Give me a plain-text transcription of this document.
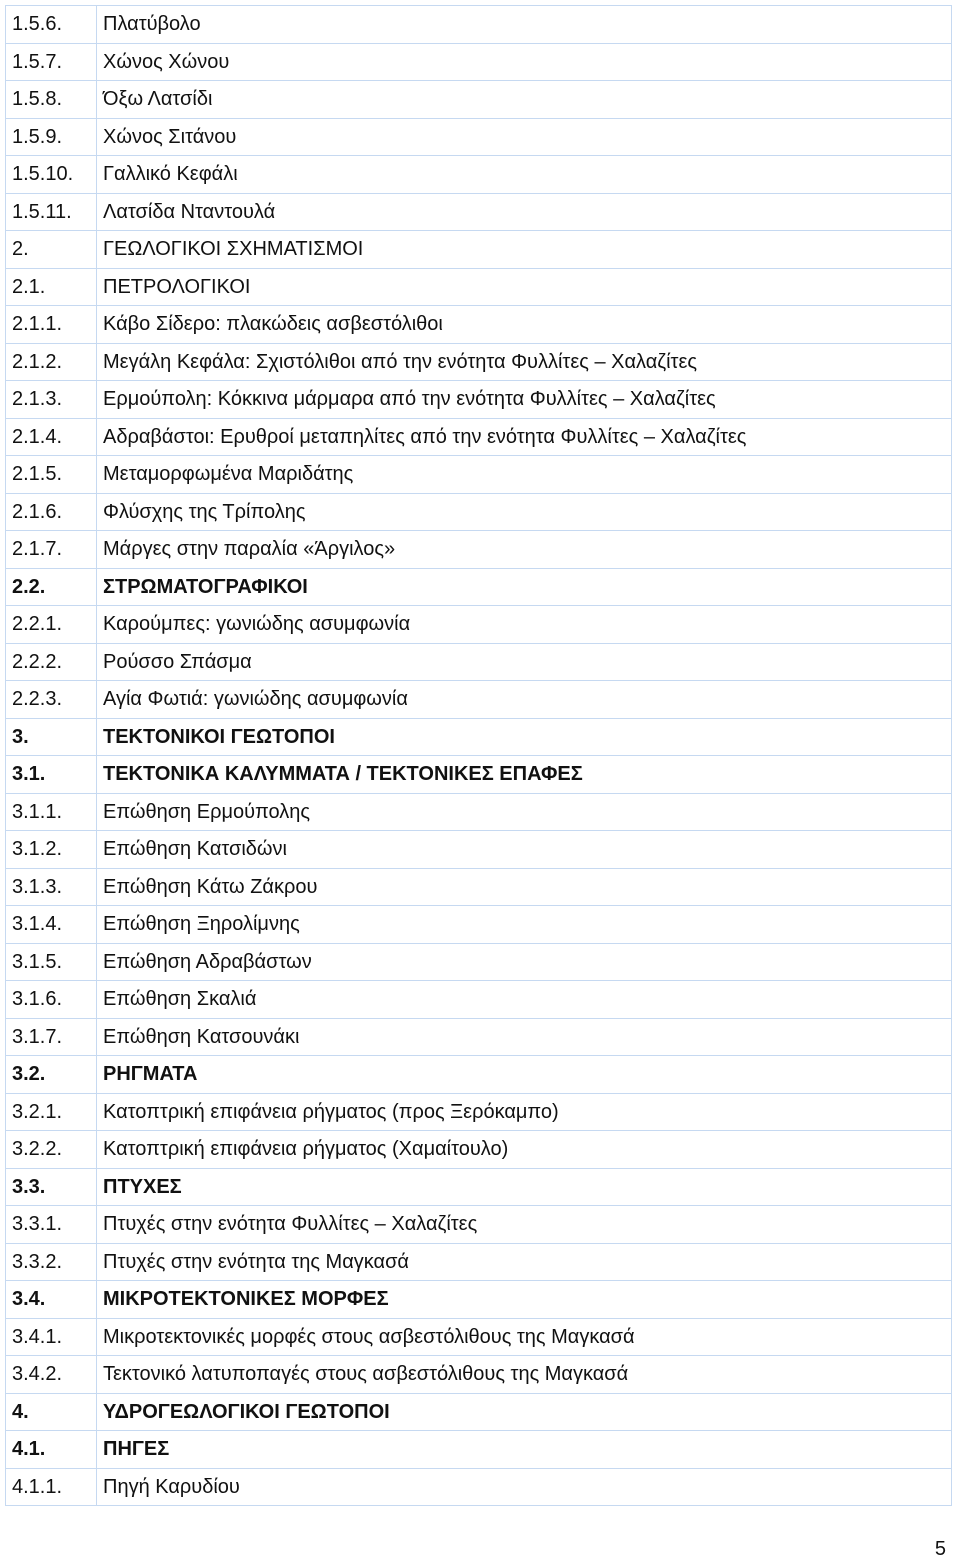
1.5.6.	Πλατύβολο
1.5.7.	Χώνος Χώνου
1.5.8.	Όξω Λατσίδι
1.5.9.	Χώνος Σιτάνου
1.5.10.	Γαλλικό Κεφάλι
1.5.11.	Λατσίδα Νταντουλά
2.	ΓΕΩΛΟΓΙΚΟΙ ΣΧΗΜΑΤΙΣΜΟΙ
2.1.	ΠΕΤΡΟΛΟΓΙΚΟΙ
2.1.1.	Κάβο Σίδερο: πλακώδεις ασβεστόλιθοι
2.1.2.	Μεγάλη Κεφάλα: Σχιστόλιθοι από την ενότητα Φυλλίτες – Χαλαζίτες
2.1.3.	Ερμούπολη: Κόκκινα μάρμαρα από την ενότητα Φυλλίτες – Χαλαζίτες
2.1.4.	Αδραβάστοι: Ερυθροί μεταπηλίτες από την ενότητα Φυλλίτες – Χαλαζίτες
2.1.5.	Μεταμορφωμένα Μαριδάτης
2.1.6.	Φλύσχης της Τρίπολης
2.1.7.	Μάργες στην παραλία «Άργιλος»
2.2.	ΣΤΡΩΜΑΤΟΓΡΑΦΙΚΟΙ
2.2.1.	Καρούμπες: γωνιώδης ασυμφωνία
2.2.2.	Ρούσσο Σπάσμα
2.2.3.	Αγία Φωτιά: γωνιώδης ασυμφωνία
3.	ΤΕΚΤΟΝΙΚΟΙ ΓΕΩΤΟΠΟΙ
3.1.	ΤΕΚΤΟΝΙΚΑ ΚΑΛΥΜΜΑΤΑ / ΤΕΚΤΟΝΙΚΕΣ ΕΠΑΦΕΣ
3.1.1.	Επώθηση Ερμούπολης
3.1.2.	Επώθηση Κατσιδώνι
3.1.3.	Επώθηση Κάτω Ζάκρου
3.1.4.	Επώθηση Ξηρολίμνης
3.1.5.	Επώθηση Αδραβάστων
3.1.6.	Επώθηση Σκαλιά
3.1.7.	Επώθηση Κατσουνάκι
3.2.	ΡΗΓΜΑΤΑ
3.2.1.	Κατοπτρική επιφάνεια ρήγματος (προς Ξερόκαμπο)
3.2.2.	Κατοπτρική επιφάνεια ρήγματος (Χαμαίτουλο)
3.3.	ΠΤΥΧΕΣ
3.3.1.	Πτυχές στην ενότητα Φυλλίτες – Χαλαζίτες
3.3.2.	Πτυχές στην ενότητα της Μαγκασά
3.4.	ΜΙΚΡΟΤΕΚΤΟΝΙΚΕΣ ΜΟΡΦΕΣ
3.4.1.	Μικροτεκτονικές μορφές στους ασβεστόλιθους της Μαγκασά
3.4.2.	Τεκτονικό λατυποπαγές στους ασβεστόλιθους της Μαγκασά
4.	ΥΔΡΟΓΕΩΛΟΓΙΚΟΙ ΓΕΩΤΟΠΟΙ
4.1.	ΠΗΓΕΣ
4.1.1.	Πηγή Καρυδίου
5
